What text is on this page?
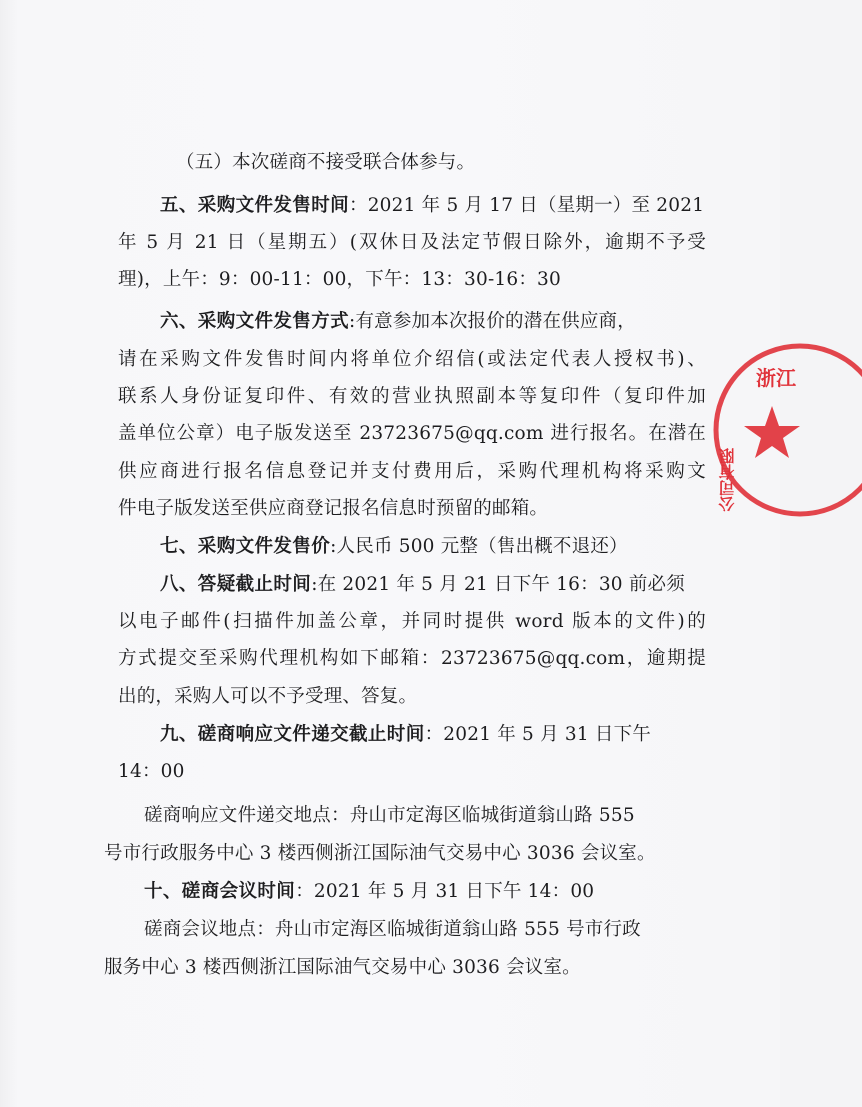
（五）本次磋商不接受联合体参与。
五、采购文件发售时间：2021 年 5 月 17 日（星期一）至 2021
年 5 月 21 日（星期五）(双休日及法定节假日除外，逾期不予受
理)，上午：9：00-11：00，下午：13：30-16：30
六、采购文件发售方式:有意参加本次报价的潜在供应商，
请在采购文件发售时间内将单位介绍信(或法定代表人授权书)、
联系人身份证复印件、有效的营业执照副本等复印件（复印件加
盖单位公章）电子版发送至 23723675@qq.com 进行报名。在潜在
供应商进行报名信息登记并支付费用后，采购代理机构将采购文
件电子版发送至供应商登记报名信息时预留的邮箱。
七、采购文件发售价:人民币 500 元整（售出概不退还）
八、答疑截止时间:在 2021 年 5 月 21 日下午 16：30 前必须
以电子邮件(扫描件加盖公章，并同时提供 word 版本的文件)的
方式提交至采购代理机构如下邮箱：23723675@qq.com，逾期提
出的，采购人可以不予受理、答复。
九、磋商响应文件递交截止时间：2021 年 5 月 31 日下午
14：00
磋商响应文件递交地点：舟山市定海区临城街道翁山路 555
号市行政服务中心 3 楼西侧浙江国际油气交易中心 3036 会议室。
十、磋商会议时间：2021 年 5 月 31 日下午 14：00
磋商会议地点：舟山市定海区临城街道翁山路 555 号市行政
服务中心 3 楼西侧浙江国际油气交易中心 3036 会议室。
浙江
公司有限
